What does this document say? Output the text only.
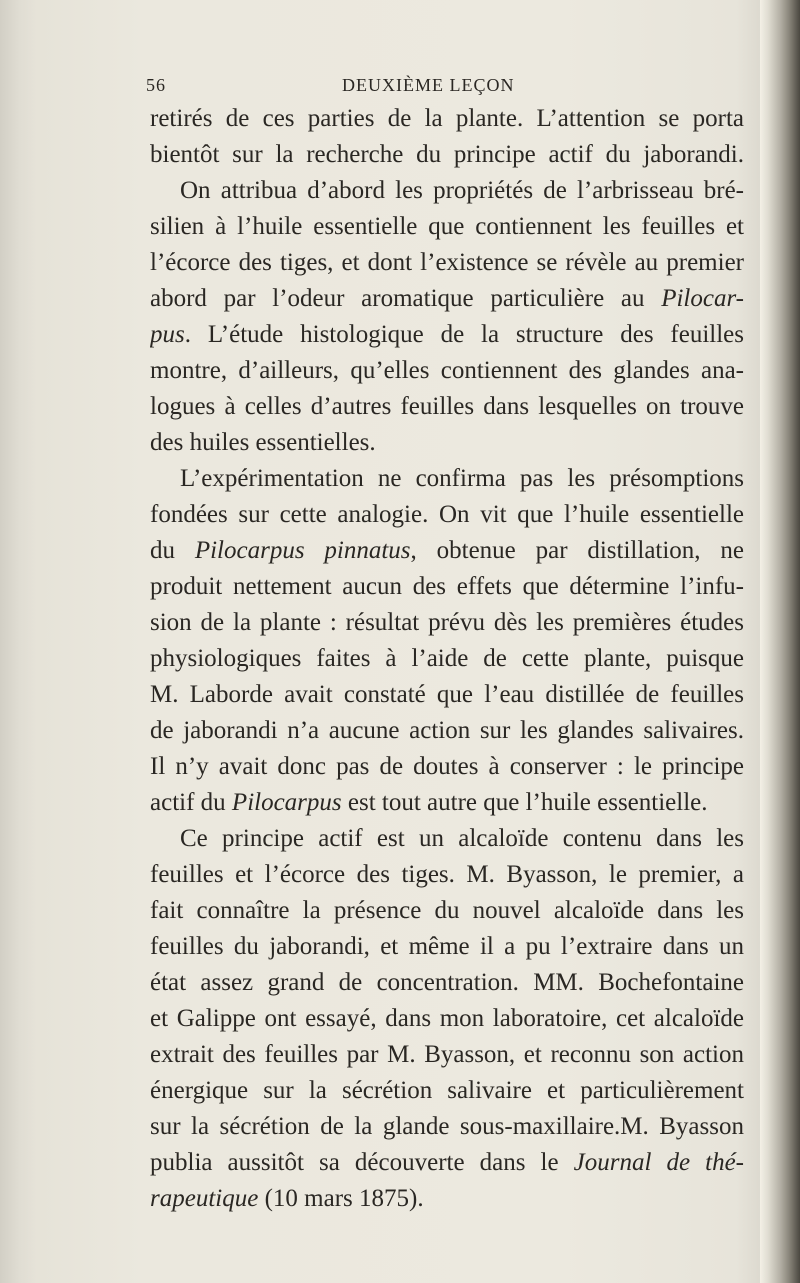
56	DEUXIÈME LEÇON
retirés de ces parties de la plante. L’attention se porta
bientôt sur la recherche du principe actif du jaborandi.
On attribua d’abord les propriétés de l’arbrisseau bré-
silien à l’huile essentielle que contiennent les feuilles et
l’écorce des tiges, et dont l’existence se révèle au premier
abord par l’odeur aromatique particulière au Pilocar-
pus. L’étude histologique de la structure des feuilles
montre, d’ailleurs, qu’elles contiennent des glandes ana-
logues à celles d’autres feuilles dans lesquelles on trouve
des huiles essentielles.
L’expérimentation ne confirma pas les présomptions
fondées sur cette analogie. On vit que l’huile essentielle
du Pilocarpus pinnatus, obtenue par distillation, ne
produit nettement aucun des effets que détermine l’infu-
sion de la plante : résultat prévu dès les premières études
physiologiques faites à l’aide de cette plante, puisque
M. Laborde avait constaté que l’eau distillée de feuilles
de jaborandi n’a aucune action sur les glandes salivaires.
Il n’y avait donc pas de doutes à conserver : le principe
actif du Pilocarpus est tout autre que l’huile essentielle.
Ce principe actif est un alcaloïde contenu dans les
feuilles et l’écorce des tiges. M. Byasson, le premier, a
fait connaître la présence du nouvel alcaloïde dans les
feuilles du jaborandi, et même il a pu l’extraire dans un
état assez grand de concentration. MM. Bochefontaine
et Galippe ont essayé, dans mon laboratoire, cet alcaloïde
extrait des feuilles par M. Byasson, et reconnu son action
énergique sur la sécrétion salivaire et particulièrement
sur la sécrétion de la glande sous-maxillaire.M. Byasson
publia aussitôt sa découverte dans le Journal de thé-
rapeutique (10 mars 1875).
